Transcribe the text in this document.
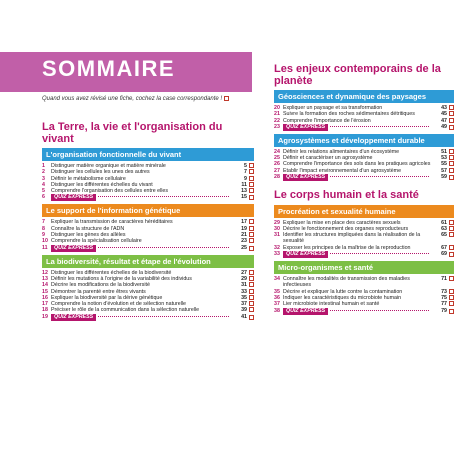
SOMMAIRE
Quand vous avez révisé une fiche, cochez la case correspondante !
La Terre, la vie et l'organisation du vivant
L'organisation fonctionnelle du vivant
1	Distinguer matière organique et matière minérale	5
2	Distinguer les cellules les unes des autres	7
3	Définir le métabolisme cellulaire	9
4	Distinguer les différentes échelles du vivant	11
5	Comprendre l'organisation des cellules entre elles	13
6	QUIZ EXPRESS	15
Le support de l'information génétique
7	Expliquer la transmission de caractères héréditaires	17
8	Connaître la structure de l'ADN	19
9	Distinguer les gènes des allèles	21
10 Comprendre la spécialisation cellulaire	23
11	QUIZ EXPRESS	25
La biodiversité, résultat et étape de l'évolution
12 Distinguer les différentes échelles de la biodiversité	27
13 Définir les mutations à l'origine de la variabilité des individus	29
14 Décrire les modifications de la biodiversité	31
15 Démontrer la parenté entre êtres vivants	33
16 Expliquer la biodiversité par la dérive génétique	35
17 Comprendre la notion d'évolution et de sélection naturelle	37
18 Préciser le rôle de la communication dans la sélection naturelle	39
19	QUIZ EXPRESS	41
Les enjeux contemporains de la planète
Géosciences et dynamique des paysages
20 Expliquer un paysage et sa transformation	43
21 Suivre la formation des roches sédimentaires détritiques	45
22 Comprendre l'importance de l'érosion	47
23	QUIZ EXPRESS	49
Agrosystèmes et développement durable
24 Définir les relations alimentaires d'un écosystème	51
25 Définir et caractériser un agrosystème	53
26 Comprendre l'importance des sols dans les pratiques agricoles	55
27 Établir l'impact environnemental d'un agrosystème	57
28	QUIZ EXPRESS	59
Le corps humain et la santé
Procréation et sexualité humaine
29 Expliquer la mise en place des caractères sexuels	61
30 Décrire le fonctionnement des organes reproducteurs	63
31 Identifier les structures impliquées dans la réalisation de la sexualité
65
32 Exposer les principes de la maîtrise de la reproduction	67
33	QUIZ EXPRESS	69
Micro-organismes et santé
34 Connaître les modalités de transmission des maladies infectieuses
71
35 Décrire et expliquer la lutte contre la contamination	73
36 Indiquer les caractéristiques du microbiote humain	75
37 Lier microbiote intestinal humain et santé	77
38	QUIZ EXPRESS	79
